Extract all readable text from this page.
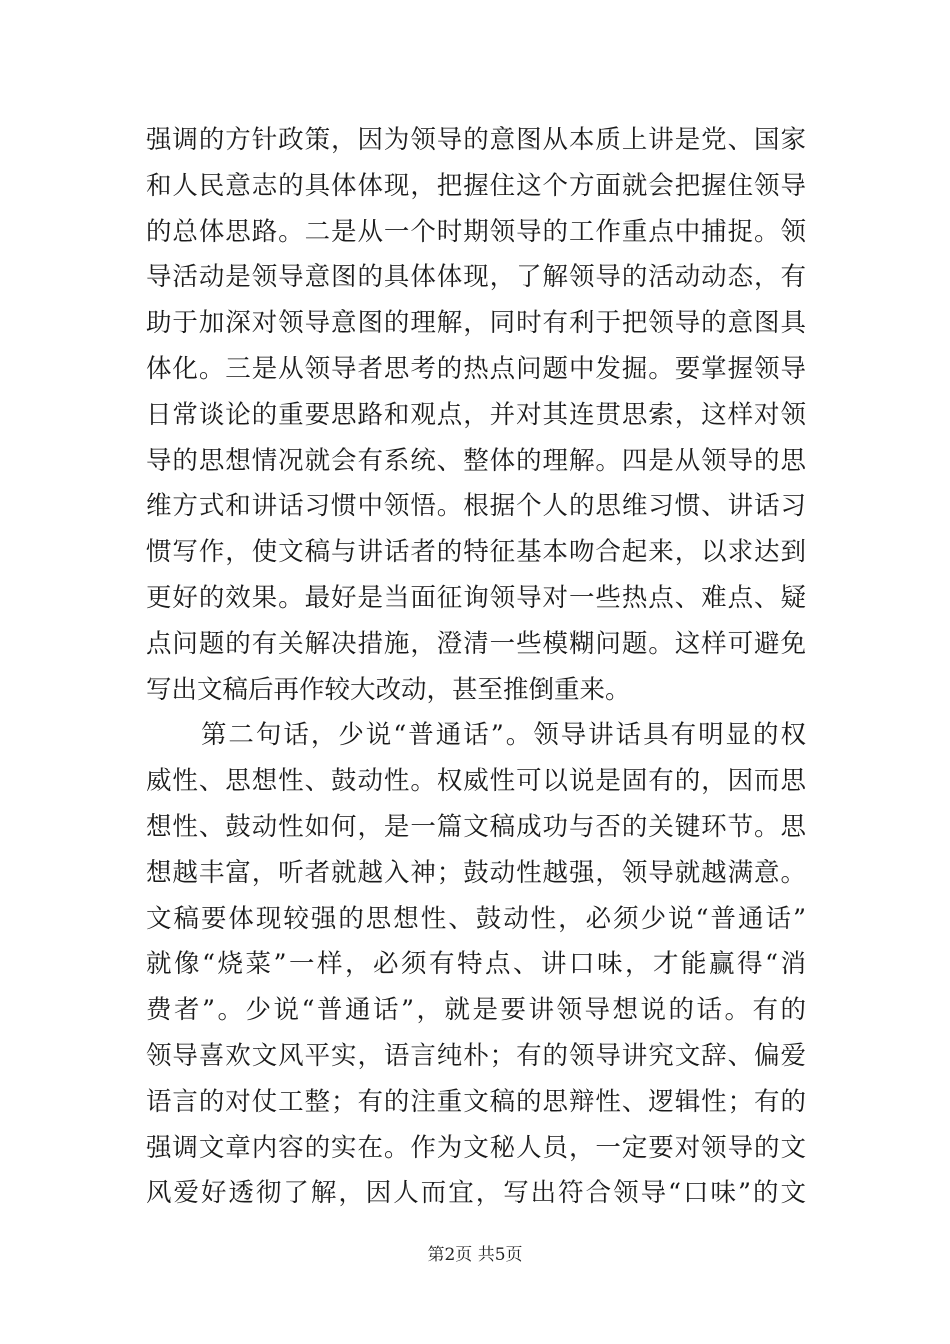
强调的方针政策，因为领导的意图从本质上讲是党、国家
和人民意志的具体体现，把握住这个方面就会把握住领导
的总体思路。二是从一个时期领导的工作重点中捕捉。领
导活动是领导意图的具体体现，了解领导的活动动态，有
助于加深对领导意图的理解，同时有利于把领导的意图具
体化。三是从领导者思考的热点问题中发掘。要掌握领导
日常谈论的重要思路和观点，并对其连贯思索，这样对领
导的思想情况就会有系统、整体的理解。四是从领导的思
维方式和讲话习惯中领悟。根据个人的思维习惯、讲话习
惯写作，使文稿与讲话者的特征基本吻合起来，以求达到
更好的效果。最好是当面征询领导对一些热点、难点、疑
点问题的有关解决措施，澄清一些模糊问题。这样可避免
写出文稿后再作较大改动，甚至推倒重来。
　　第二句话，少说“普通话”。领导讲话具有明显的权
威性、思想性、鼓动性。权威性可以说是固有的，因而思
想性、鼓动性如何，是一篇文稿成功与否的关键环节。思
想越丰富，听者就越入神；鼓动性越强，领导就越满意。
文稿要体现较强的思想性、鼓动性，必须少说“普通话”
就像“烧菜”一样，必须有特点、讲口味，才能赢得“消
费者”。少说“普通话”，就是要讲领导想说的话。有的
领导喜欢文风平实，语言纯朴；有的领导讲究文辞、偏爱
语言的对仗工整；有的注重文稿的思辩性、逻辑性；有的
强调文章内容的实在。作为文秘人员，一定要对领导的文
风爱好透彻了解，因人而宜，写出符合领导“口味”的文
第2页 共5页
